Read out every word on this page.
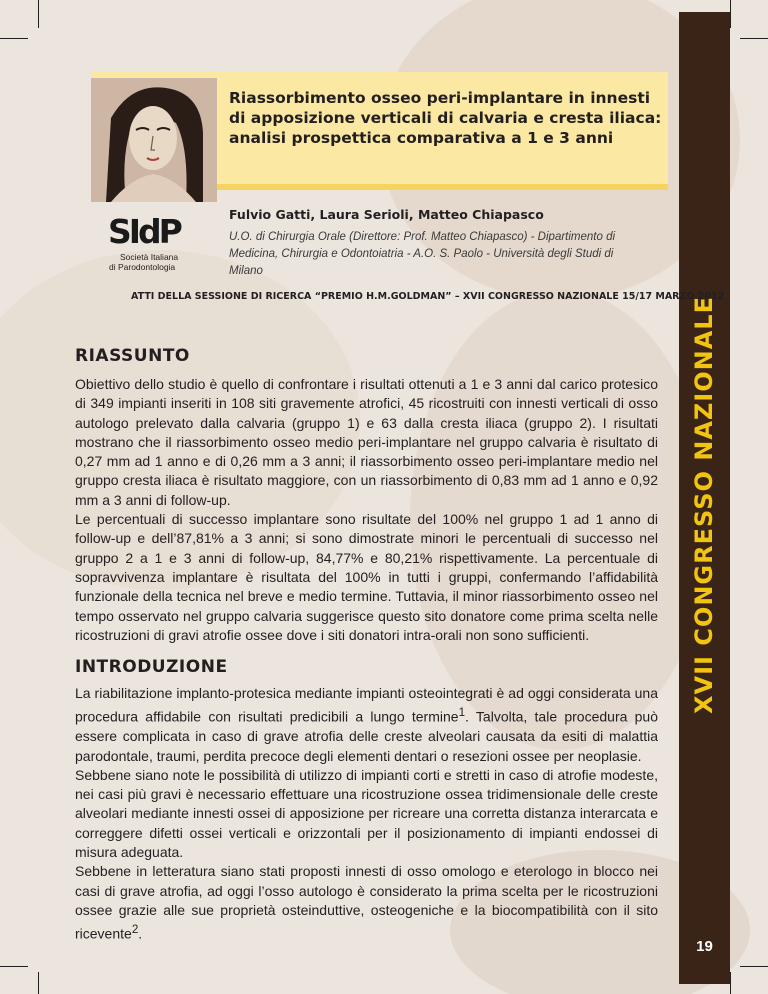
XVII CONGRESSO NAZIONALE
19
Riassorbimento osseo peri-implantare in innesti di apposizione verticali di calvaria e cresta iliaca: analisi prospettica comparativa a 1 e 3 anni
SIdP
Società Italiana
di Parodontologia
Fulvio Gatti, Laura Serioli, Matteo Chiapasco
U.O. di Chirurgia Orale (Direttore: Prof. Matteo Chiapasco) - Dipartimento di Medicina, Chirurgia e Odontoiatria - A.O. S. Paolo - Università degli Studi di Milano
ATTI DELLA SESSIONE DI RICERCA “PREMIO H.M.GOLDMAN” – XVII CONGRESSO NAZIONALE 15/17 MARZO 2012
RIASSUNTO

Obiettivo dello studio è quello di confrontare i risultati ottenuti a 1 e 3 anni dal carico protesico di 349 impianti inseriti in 108 siti gravemente atrofici, 45 ricostruiti con innesti verticali di osso autologo prelevato dalla calvaria (gruppo 1) e 63 dalla cresta iliaca (gruppo 2). I risultati mostrano che il riassorbimento osseo medio peri-implantare nel gruppo calvaria è risultato di 0,27 mm ad 1 anno e di 0,26 mm a 3 anni; il riassorbimento osseo peri-implantare medio nel gruppo cresta iliaca è risultato maggiore, con un riassorbimento di 0,83 mm ad 1 anno e 0,92 mm a 3 anni di follow-up.

Le percentuali di successo implantare sono risultate del 100% nel gruppo 1 ad 1 anno di follow-up e dell’87,81% a 3 anni; si sono dimostrate minori le percentuali di successo nel gruppo 2 a 1 e 3 anni di follow-up, 84,77% e 80,21% rispettivamente. La percentuale di sopravvivenza implantare è risultata del 100% in tutti i gruppi, confermando l’affidabilità funzionale della tecnica nel breve e medio termine. Tuttavia, il minor riassorbimento osseo nel tempo osservato nel gruppo calvaria suggerisce questo sito donatore come prima scelta nelle ricostruzioni di gravi atrofie ossee dove i siti donatori intra-orali non sono sufficienti.

INTRODUZIONE

La riabilitazione implanto-protesica mediante impianti osteointegrati è ad oggi considerata una procedura affidabile con risultati predicibili a lungo termine$^1$. Talvolta, tale procedura può essere complicata in caso di grave atrofia delle creste alveolari causata da esiti di malattia parodontale, traumi, perdita precoce degli elementi dentari o resezioni ossee per neoplasie.

Sebbene siano note le possibilità di utilizzo di impianti corti e stretti in caso di atrofie modeste, nei casi più gravi è necessario effettuare una ricostruzione ossea tridimensionale delle creste alveolari mediante innesti ossei di apposizione per ricreare una corretta distanza interarcata e correggere difetti ossei verticali e orizzontali per il posizionamento di impianti endossei di misura adeguata.

Sebbene in letteratura siano stati proposti innesti di osso omologo e eterologo in blocco nei casi di grave atrofia, ad oggi l’osso autologo è considerato la prima scelta per le ricostruzioni ossee grazie alle sue proprietà osteinduttive, osteogeniche e la biocompatibilità con il sito ricevente$^2$.
